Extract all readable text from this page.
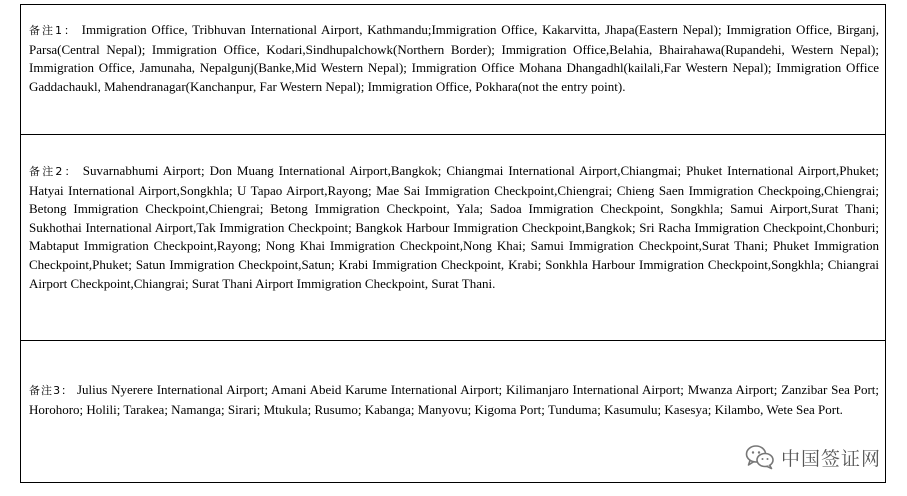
备注1： Immigration Office, Tribhuvan International Airport, Kathmandu;Immigration Office, Kakarvitta, Jhapa(Eastern Nepal); Immigration Office, Birganj, Parsa(Central Nepal); Immigration Office, Kodari,Sindhupalchowk(Northern Border); Immigration Office,Belahia, Bhairahawa(Rupandehi, Western Nepal); Immigration Office, Jamunaha, Nepalgunj(Banke,Mid Western Nepal); Immigration Office Mohana Dhangadhl(kailali,Far Western Nepal); Immigration Office Gaddachaukl, Mahendranagar(Kanchanpur, Far Western Nepal); Immigration Office, Pokhara(not the entry point).
备注2： Suvarnabhumi Airport; Don Muang International Airport,Bangkok; Chiangmai International Airport,Chiangmai; Phuket International Airport,Phuket; Hatyai International Airport,Songkhla; U Tapao Airport,Rayong; Mae Sai Immigration Checkpoint,Chiengrai; Chieng Saen Immigration Checkpoing,Chiengrai; Betong Immigration Checkpoint,Chiengrai; Betong Immigration Checkpoint, Yala; Sadoa Immigration Checkpoint, Songkhla; Samui Airport,Surat Thani; Sukhothai International Airport,Tak Immigration Checkpoint; Bangkok Harbour Immigration Checkpoint,Bangkok; Sri Racha Immigration Checkpoint,Chonburi; Mabtaput Immigration Checkpoint,Rayong; Nong Khai Immigration Checkpoint,Nong Khai; Samui Immigration Checkpoint,Surat Thani; Phuket Immigration Checkpoint,Phuket; Satun Immigration Checkpoint,Satun; Krabi Immigration Checkpoint, Krabi; Sonkhla Harbour Immigration Checkpoint,Songkhla; Chiangrai Airport Checkpoint,Chiangrai; Surat Thani Airport Immigration Checkpoint, Surat Thani.
备注3： Julius Nyerere International Airport; Amani Abeid Karume International Airport; Kilimanjaro International Airport; Mwanza Airport; Zanzibar Sea Port; Horohoro; Holili; Tarakea; Namanga; Sirari; Mtukula; Rusumo; Kabanga; Manyovu; Kigoma Port; Tunduma; Kasumulu; Kasesya; Kilambo, Wete Sea Port.
中国签证网
